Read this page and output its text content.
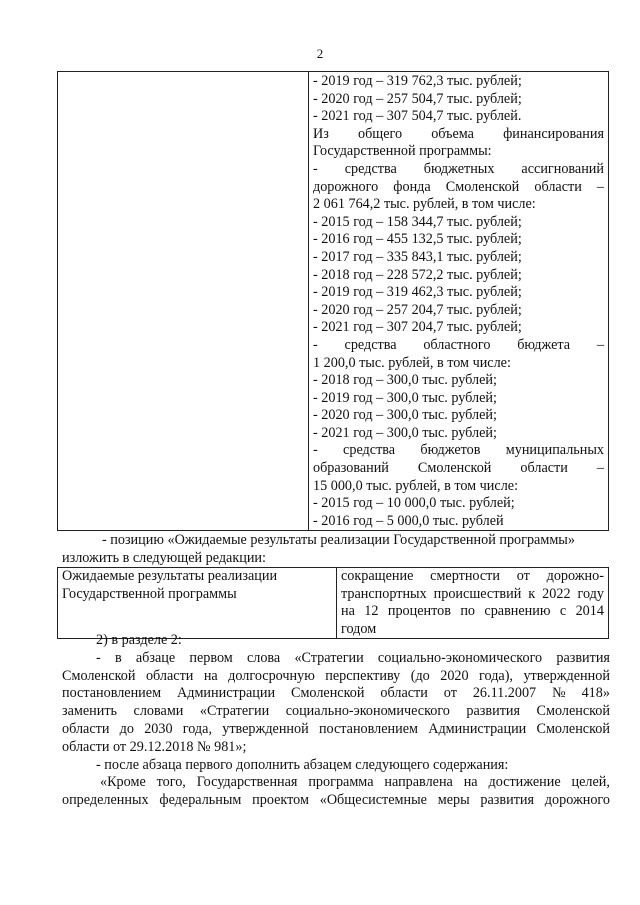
2

- 2019 год – 319 762,3 тыс. рублей;
- 2020 год – 257 504,7 тыс. рублей;
- 2021 год – 307 504,7 тыс. рублей.
Из общего объема финансирования
Государственной программы:
- средства бюджетных ассигнований
дорожного фонда Смоленской области –
2 061 764,2 тыс. рублей, в том числе:
- 2015 год – 158 344,7 тыс. рублей;
- 2016 год – 455 132,5 тыс. рублей;
- 2017 год – 335 843,1 тыс. рублей;
- 2018 год – 228 572,2 тыс. рублей;
- 2019 год – 319 462,3 тыс. рублей;
- 2020 год – 257 204,7 тыс. рублей;
- 2021 год – 307 204,7 тыс. рублей;
- средства областного бюджета –
1 200,0 тыс. рублей, в том числе:
- 2018 год – 300,0 тыс. рублей;
- 2019 год – 300,0 тыс. рублей;
- 2020 год – 300,0 тыс. рублей;
- 2021 год – 300,0 тыс. рублей;
- средства бюджетов муниципальных
образований Смоленской области –
15 000,0 тыс. рублей, в том числе:
- 2015 год – 10 000,0 тыс. рублей;
- 2016 год – 5 000,0 тыс. рублей
- позицию «Ожидаемые результаты реализации Государственной программы»
изложить в следующей редакции:
Ожидаемые результаты реализации
Государственной программы

сокращение смертности от дорожно-
транспортных происшествий к 2022 году
на 12 процентов по сравнению с 2014
годом
2) в разделе 2:
- в абзаце первом слова «Стратегии социально-экономического развития
Смоленской области на долгосрочную перспективу (до 2020 года), утвержденной
постановлением Администрации Смоленской области от 26.11.2007 № 418»
заменить словами «Стратегии социально-экономического развития Смоленской
области до 2030 года, утвержденной постановлением Администрации Смоленской
области от 29.12.2018 № 981»;
- после абзаца первого дополнить абзацем следующего содержания:
«Кроме того, Государственная программа направлена на достижение целей,
определенных федеральным проектом «Общесистемные меры развития дорожного
